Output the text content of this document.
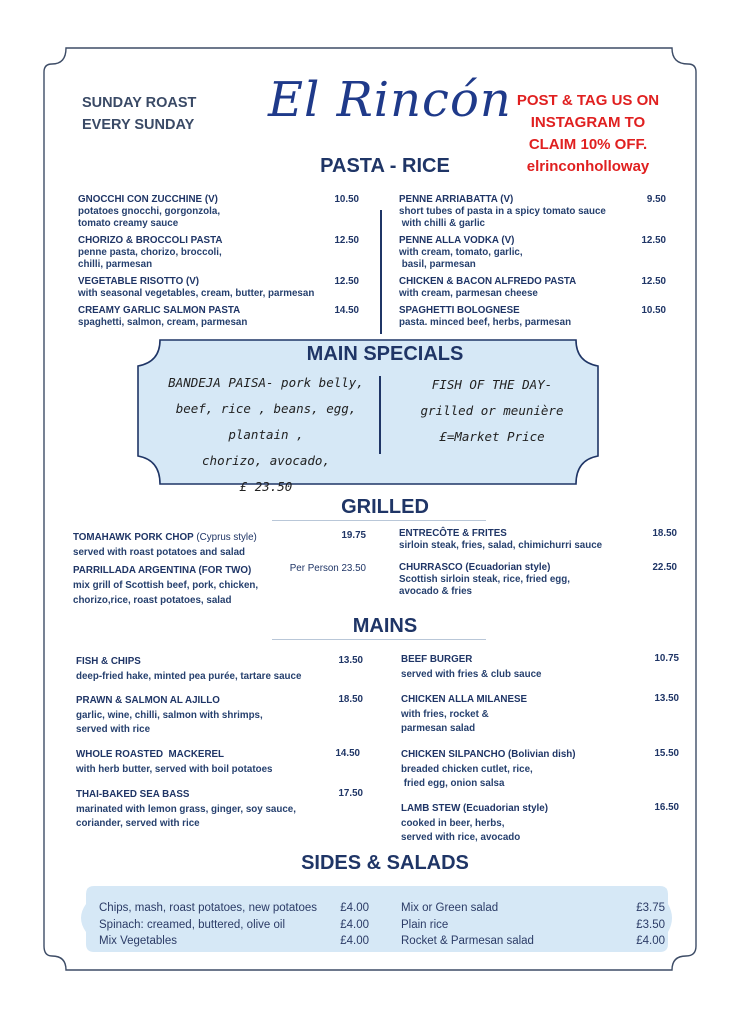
SUNDAY ROAST
EVERY SUNDAY	El Rincón POST & TAG US ON
INSTAGRAM TO
CLAIM 10% OFF.
elrinconholloway
PASTA - RICE
GNOCCHI CON ZUCCHINE (V)
potatoes gnocchi, gorgonzola,
tomato creamy sauce
10.50
CHORIZO & BROCCOLI PASTA
penne pasta, chorizo, broccoli,
chilli, parmesan
12.50
VEGETABLE RISOTTO (V)
with seasonal vegetables, cream, butter, parmesan
12.50
CREAMY GARLIC SALMON PASTA
spaghetti, salmon, cream, parmesan
14.50
PENNE ARRIABATTA (V)
short tubes of pasta in a spicy tomato sauce
with chilli & garlic
9.50
PENNE ALLA VODKA (V)
with cream, tomato, garlic,
basil, parmesan
12.50
CHICKEN & BACON ALFREDO PASTA
with cream, parmesan cheese
12.50
SPAGHETTI BOLOGNESE
pasta. minced beef, herbs, parmesan
10.50
MAIN SPECIALS
BANDEJA PAISA- pork belly,
beef, rice , beans, egg, plantain ,
chorizo, avocado,
£ 23.50
FISH OF THE DAY-
grilled or meunière
£=Market Price
GRILLED
TOMAHAWK PORK CHOP (Cyprus style)
served with roast potatoes and salad
19.75
PARRILLADA ARGENTINA (FOR TWO)
mix grill of Scottish beef, pork, chicken,
chorizo,rice, roast potatoes, salad
Per Person 23.50
ENTRECÔTE & FRITES
sirloin steak, fries, salad, chimichurri sauce
18.50
CHURRASCO (Ecuadorian style)
Scottish sirloin steak, rice, fried egg,
avocado & fries
22.50
MAINS
FISH & CHIPS
deep-fried hake, minted pea purée, tartare sauce
13.50
PRAWN & SALMON AL AJILLO
garlic, wine, chilli, salmon with shrimps,
served with rice
18.50
WHOLE ROASTED  MACKEREL
with herb butter, served with boil potatoes
14.50
THAI-BAKED SEA BASS
marinated with lemon grass, ginger, soy sauce,
coriander, served with rice
17.50
BEEF BURGER
served with fries & club sauce
10.75
CHICKEN ALLA MILANESE
with fries, rocket &
parmesan salad
13.50
CHICKEN SILPANCHO (Bolivian dish)
breaded chicken cutlet, rice,
fried egg, onion salsa
15.50
LAMB STEW (Ecuadorian style)
cooked in beer, herbs,
served with rice, avocado
16.50
SIDES & SALADS
Chips, mash, roast potatoes, new potatoes £4.00
Spinach: creamed, buttered, olive oil	£4.00
Mix Vegetables	£4.00
Mix or Green salad	£3.75
Plain rice	£3.50
Rocket & Parmesan salad	£4.00
